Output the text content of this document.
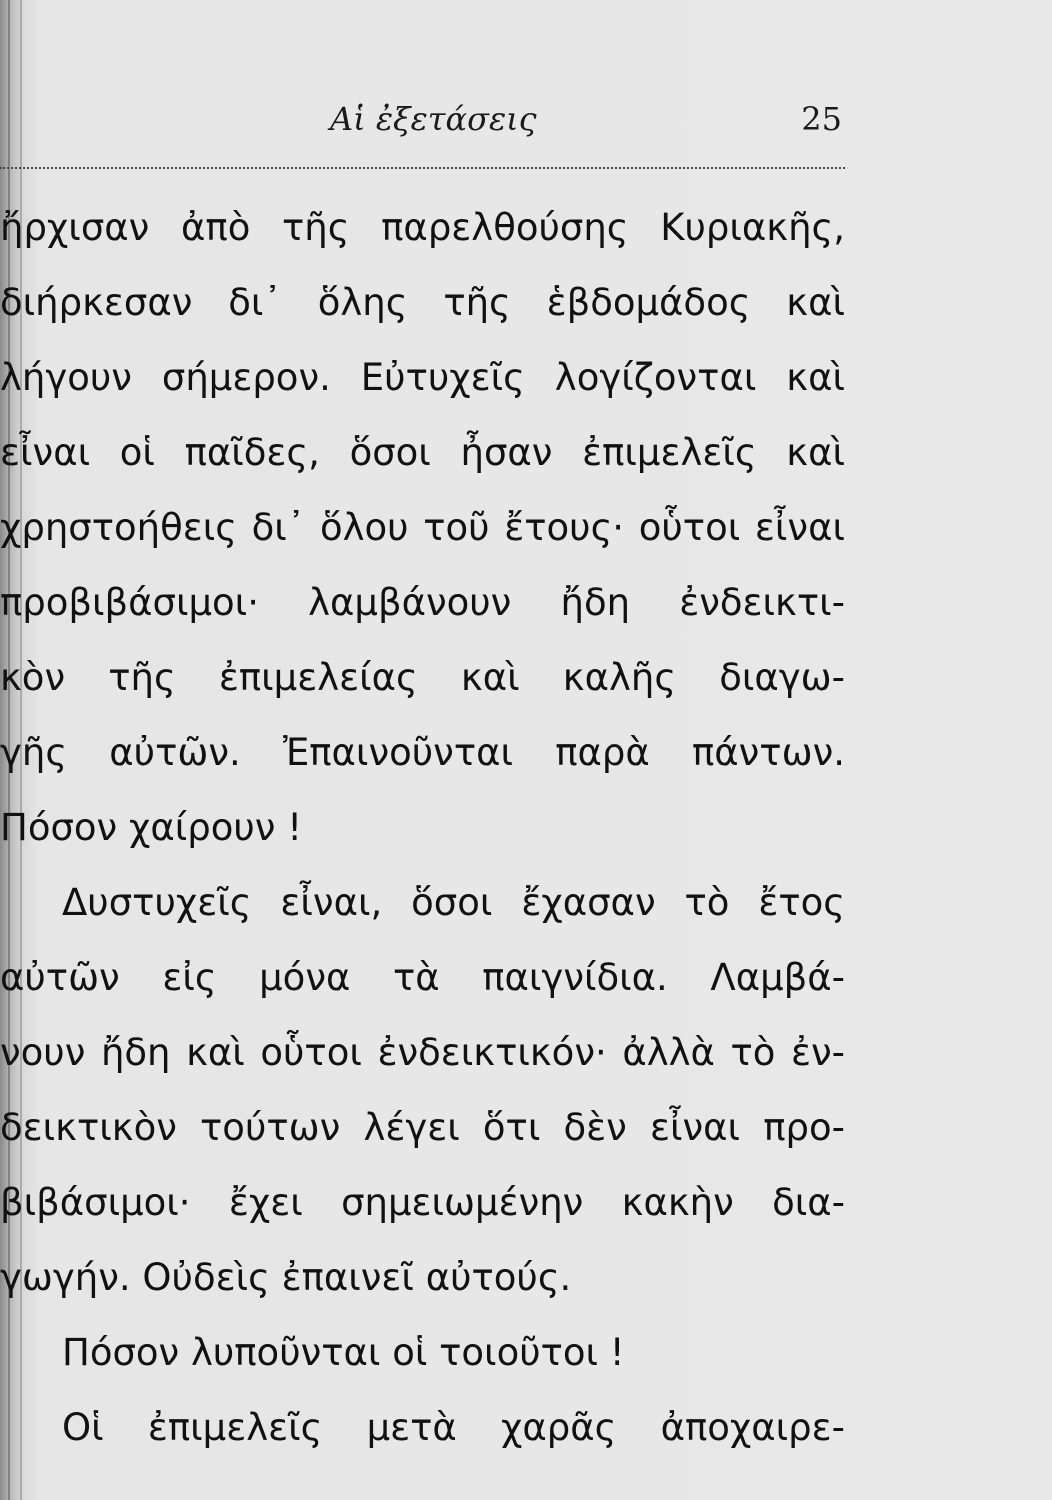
Αἱ ἐξετάσεις	25
ἤρχισαν ἀπὸ τῆς παρελθούσης Κυριακῆς,
διήρκεσαν δι᾽ ὅλης τῆς ἑβδομάδος καὶ
λήγουν σήμερον. Εὐτυχεῖς λογίζονται καὶ
εἶναι οἱ παῖδες, ὅσοι ἦσαν ἐπιμελεῖς καὶ
χρηστοήθεις δι᾽ ὅλου τοῦ ἔτους· οὗτοι εἶναι
προβιβάσιμοι· λαμβάνουν ἤδη ἐνδεικτι-
κὸν τῆς ἐπιμελείας καὶ καλῆς διαγω-
γῆς αὐτῶν. Ἐπαινοῦνται παρὰ πάντων.
Πόσον χαίρουν !
Δυστυχεῖς εἶναι, ὅσοι ἔχασαν τὸ ἔτος
αὐτῶν εἰς μόνα τὰ παιγνίδια. Λαμβά-
νουν ἤδη καὶ οὗτοι ἐνδεικτικόν· ἀλλὰ τὸ ἐν-
δεικτικὸν τούτων λέγει ὅτι δὲν εἶναι προ-
βιβάσιμοι· ἔχει σημειωμένην κακὴν δια-
γωγήν. Οὐδεὶς ἐπαινεῖ αὐτούς.
Πόσον λυποῦνται οἱ τοιοῦτοι !
Οἱ ἐπιμελεῖς μετὰ χαρᾶς ἀποχαιρε-
